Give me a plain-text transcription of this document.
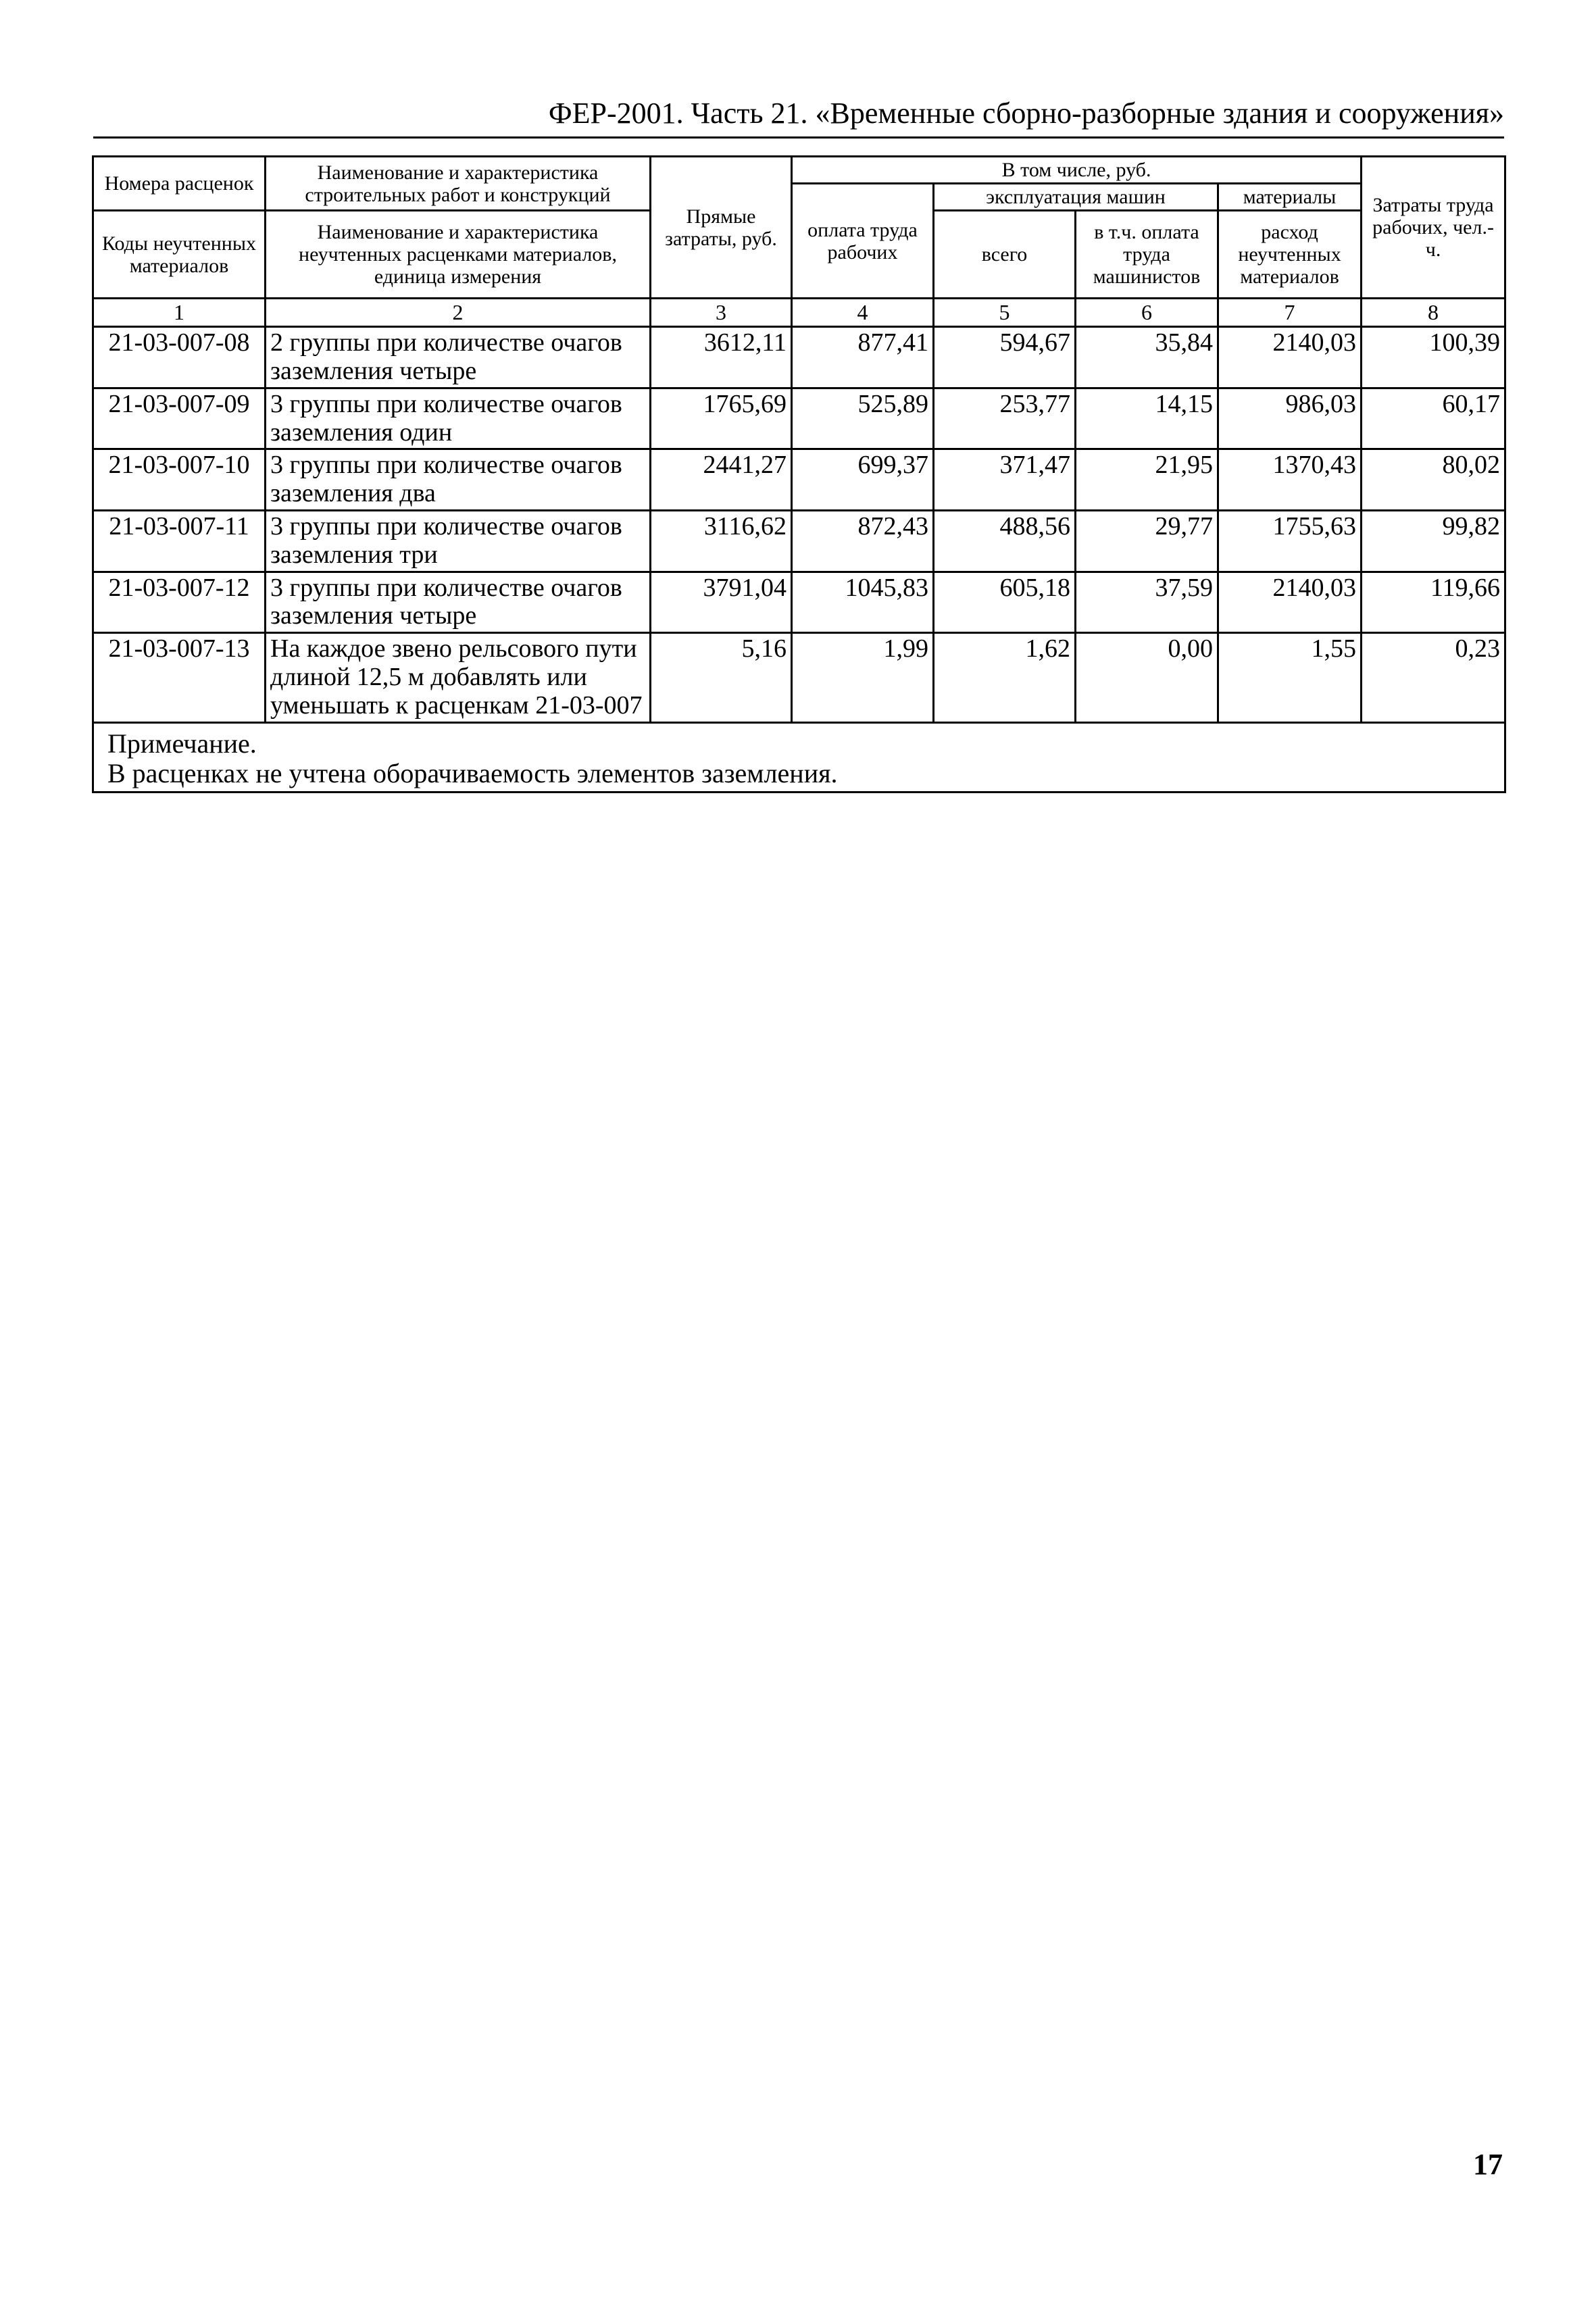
ФЕР-2001. Часть 21. «Временные сборно-разборные здания и сооружения»
Номера расценок	Наименование и характеристика строительных работ и конструкций	Прямые затраты, руб.	В том числе, руб.				Затраты труда рабочих, чел.-ч.
			оплата труда рабочих	эксплуатация машин		материалы	
Коды неучтенных материалов	Наименование и характеристика неучтенных расценками материалов, единица измерения			всего	в т.ч. оплата труда машинистов	расход неучтенных материалов	

1	2	3	4	5	6	7	8
21-03-007-08	2 группы при количестве очагов заземления четыре	3612,11	877,41	594,67	35,84	2140,03	100,39
21-03-007-09	3 группы при количестве очагов заземления один	1765,69	525,89	253,77	14,15	986,03	60,17
21-03-007-10	3 группы при количестве очагов заземления два	2441,27	699,37	371,47	21,95	1370,43	80,02
21-03-007-11	3 группы при количестве очагов заземления три	3116,62	872,43	488,56	29,77	1755,63	99,82
21-03-007-12	3 группы при количестве очагов заземления четыре	3791,04	1045,83	605,18	37,59	2140,03	119,66
21-03-007-13	На каждое звено рельсового пути длиной 12,5 м добавлять или уменьшать к расценкам 21-03-007	5,16	1,99	1,62	0,00	1,55	0,23

Примечание.
В расценках не учтена оборачиваемость элементов заземления.							
17
